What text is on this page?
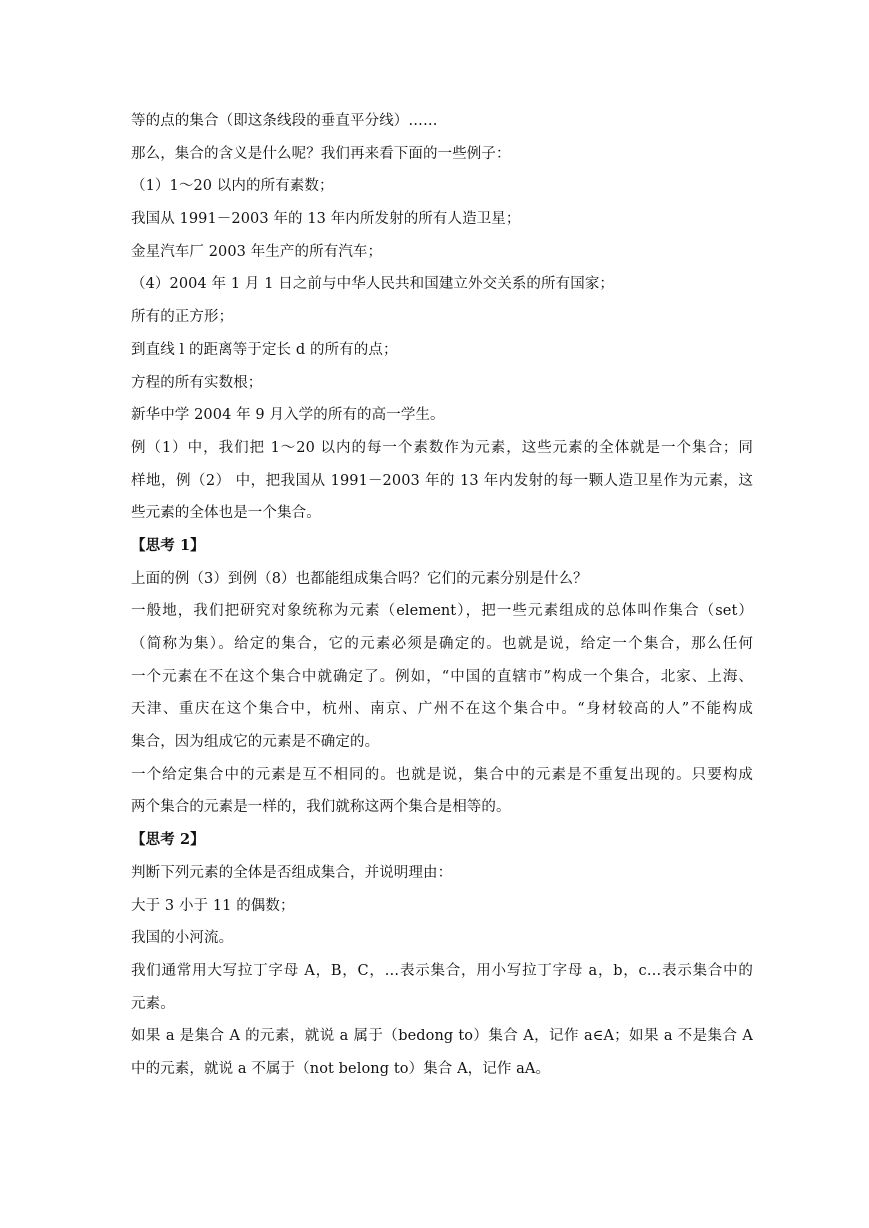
等的点的集合（即这条线段的垂直平分线）……
那么，集合的含义是什么呢？我们再来看下面的一些例子：
（1）1～20 以内的所有素数；
我国从 1991－2003 年的 13 年内所发射的所有人造卫星；
金星汽车厂 2003 年生产的所有汽车；
（4）2004 年 1 月 1 日之前与中华人民共和国建立外交关系的所有国家；
所有的正方形；
到直线 l 的距离等于定长 d 的所有的点；
方程的所有实数根；
新华中学 2004 年 9 月入学的所有的高一学生。
例（1）中，我们把 1～20 以内的每一个素数作为元素，这些元素的全体就是一个集合；同
样地，例（2） 中，把我国从 1991－2003 年的 13 年内发射的每一颗人造卫星作为元素，这
些元素的全体也是一个集合。
【思考 1】
上面的例（3）到例（8）也都能组成集合吗？它们的元素分别是什么？
一般地，我们把研究对象统称为元素（element），把一些元素组成的总体叫作集合（set）
（简称为集）。给定的集合，它的元素必须是确定的。也就是说，给定一个集合，那么任何
一个元素在不在这个集合中就确定了。例如，“中国的直辖市”构成一个集合，北家、上海、
天津、重庆在这个集合中，杭州、南京、广州不在这个集合中。“身材较高的人”不能构成
集合，因为组成它的元素是不确定的。
一个给定集合中的元素是互不相同的。也就是说，集合中的元素是不重复出现的。只要构成
两个集合的元素是一样的，我们就称这两个集合是相等的。
【思考 2】
判断下列元素的全体是否组成集合，并说明理由：
大于 3 小于 11 的偶数；
我国的小河流。
我们通常用大写拉丁字母 A，B，C，…表示集合，用小写拉丁字母 a，b，c…表示集合中的
元素。
如果 a 是集合 A 的元素，就说 a 属于（bedong to）集合 A，记作 a∈A；如果 a 不是集合 A
中的元素，就说 a 不属于（not belong to）集合 A，记作 aA。
